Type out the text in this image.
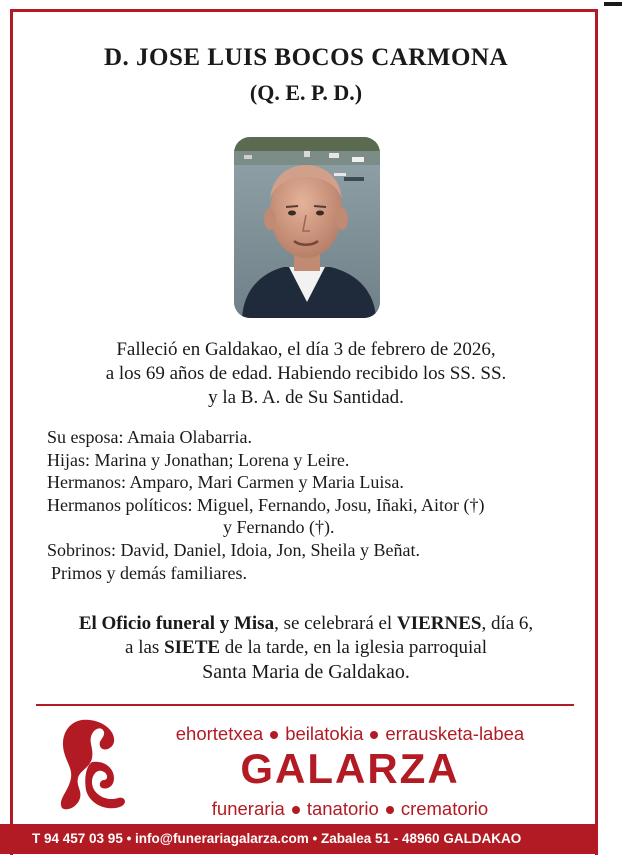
D. JOSE LUIS BOCOS CARMONA
(Q. E. P. D.)
Falleció en Galdakao, el día 3 de febrero de 2026,
a los 69 años de edad. Habiendo recibido los SS. SS.
y la B. A. de Su Santidad.
Su esposa: Amaia Olabarria.
Hijas: Marina y Jonathan; Lorena y Leire.
Hermanos: Amparo, Mari Carmen y Maria Luisa.
Hermanos políticos: Miguel, Fernando, Josu, Iñaki, Aitor (†)
y Fernando (†).
Sobrinos: David, Daniel, Idoia, Jon, Sheila y Beñat.
Primos y demás familiares.
El Oficio funeral y Misa, se celebrará el VIERNES, día 6,
a las SIETE de la tarde, en la iglesia parroquial
Santa Maria de Galdakao.
ehortetxea beilatokia errausketa-labea
GALARZA
funeraria tanatorio crematorio
T 94 457 03 95 • info@funerariagalarza.com • Zabalea 51 - 48960 GALDAKAO
